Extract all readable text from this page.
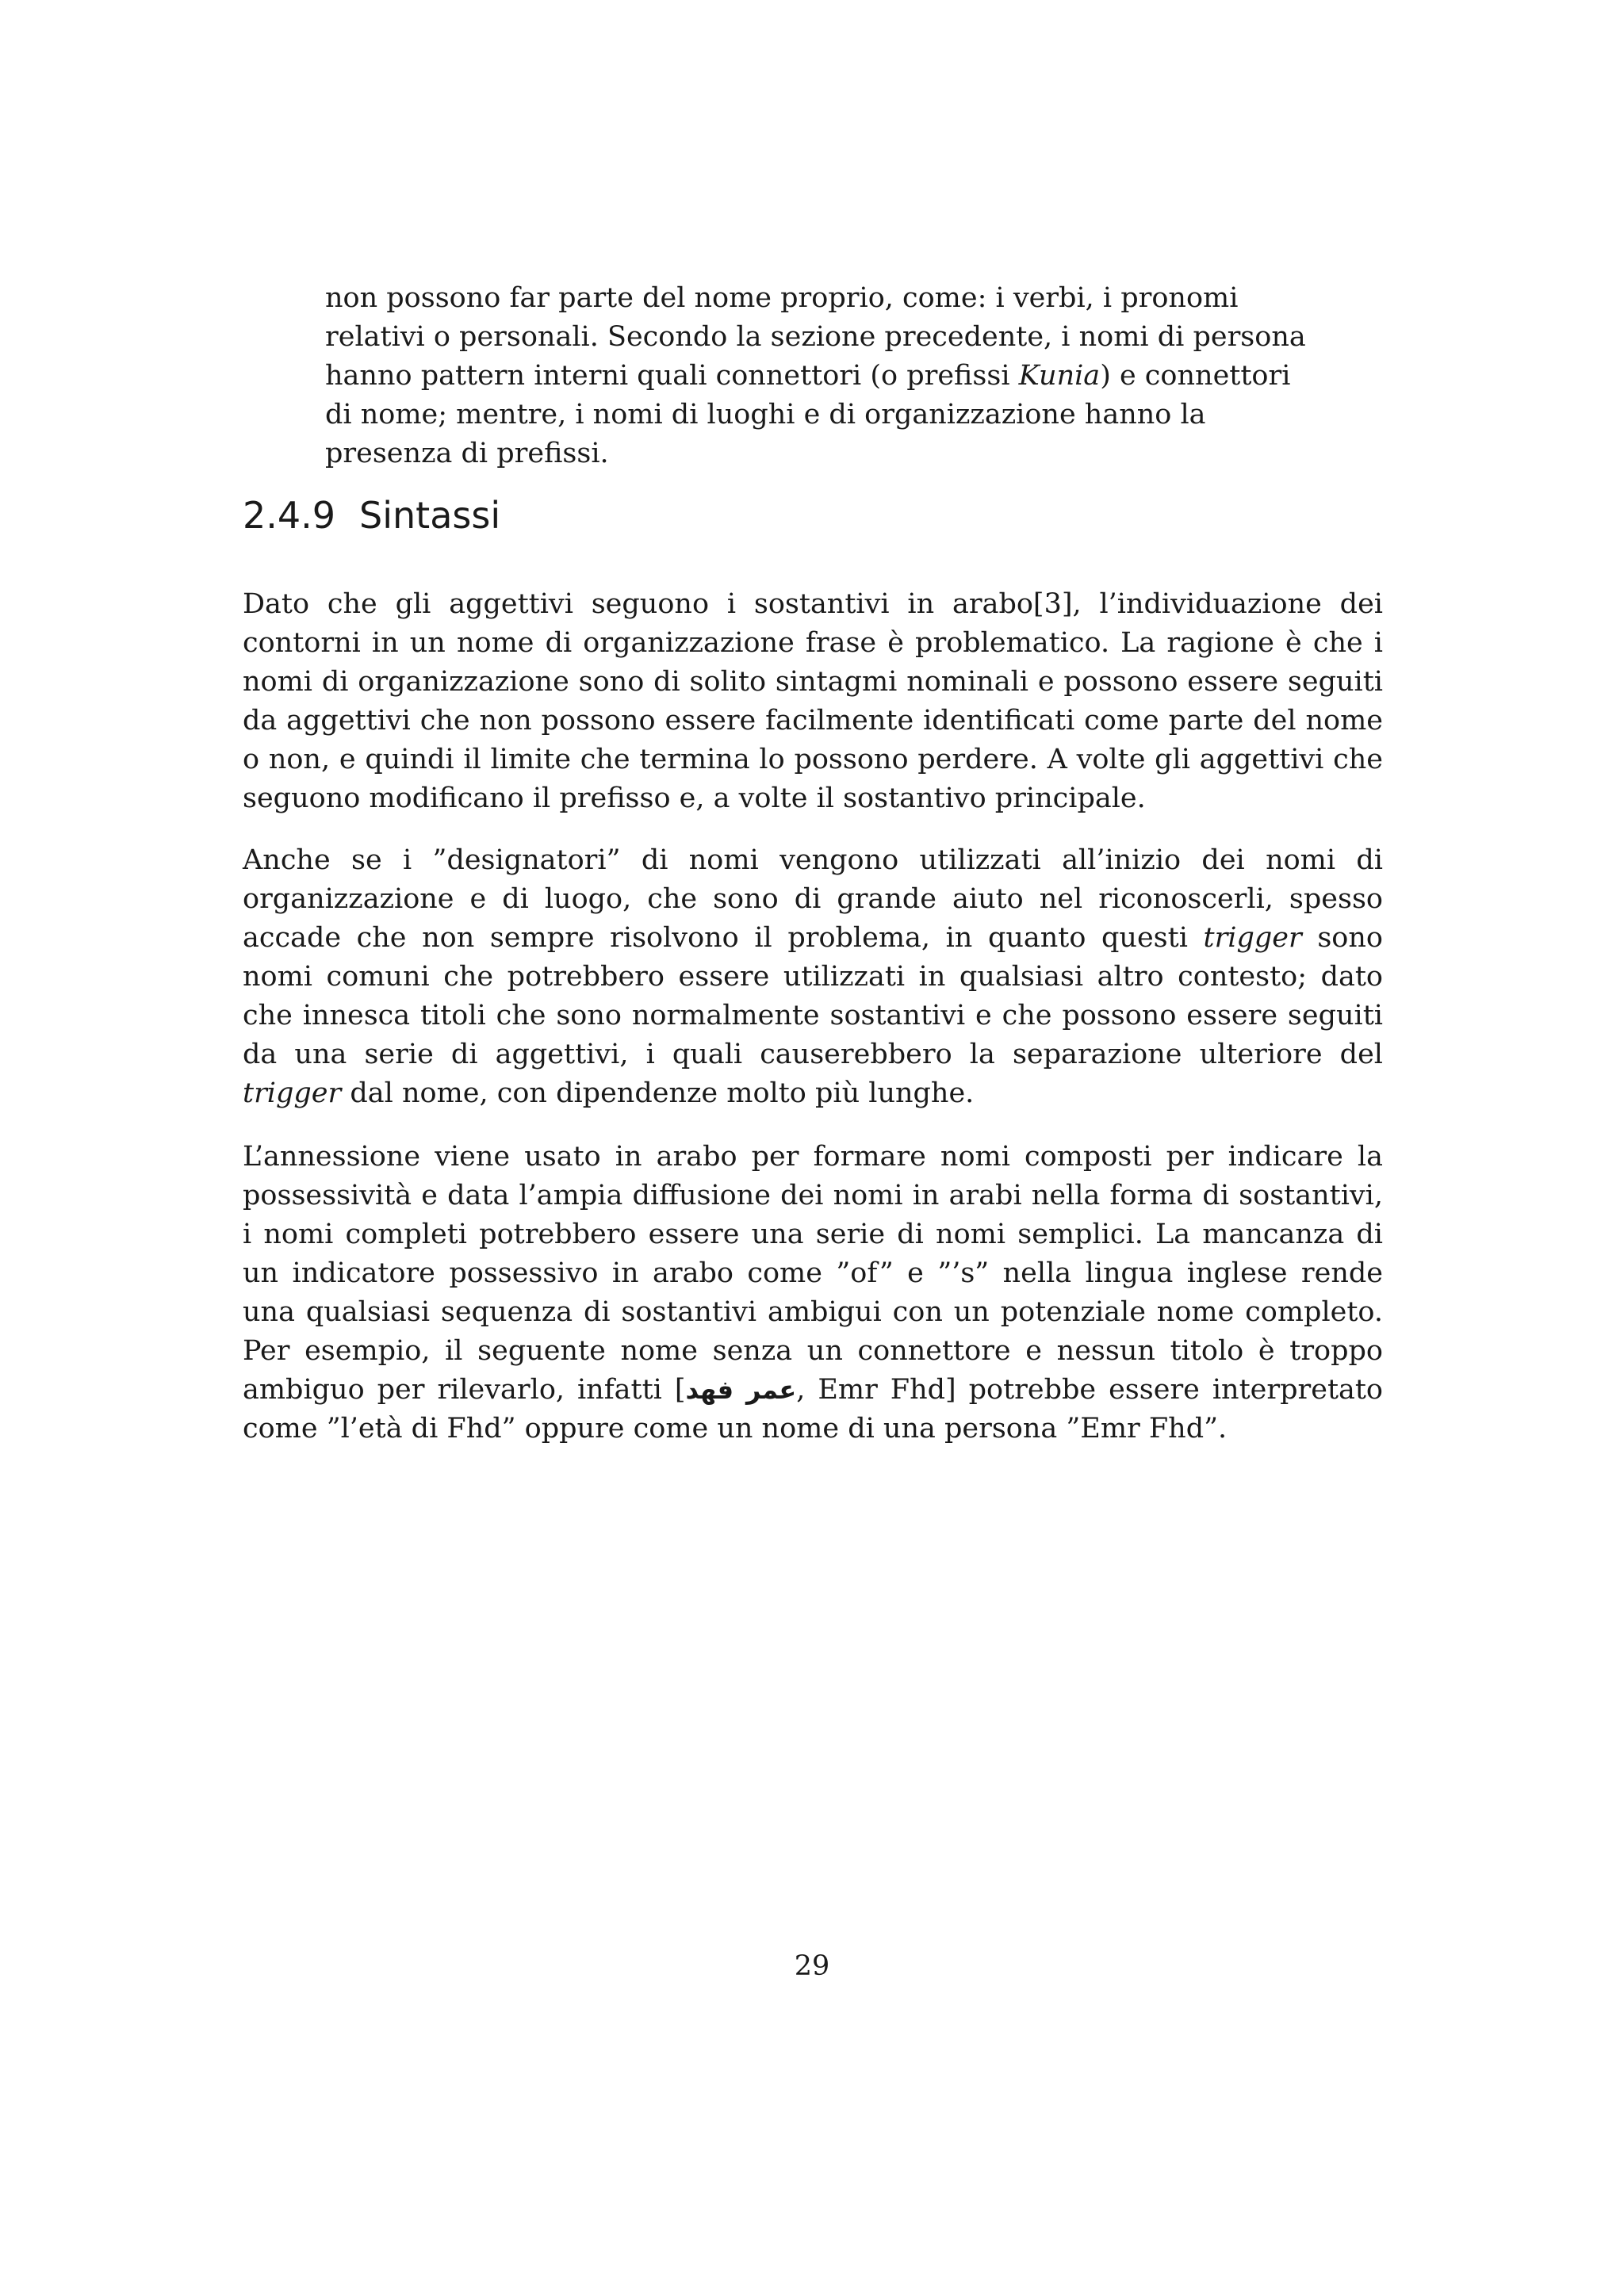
non possono far parte del nome proprio, come: i verbi, i pronomi relativi o personali. Secondo la sezione precedente, i nomi di persona hanno pattern interni quali connettori (o prefissi Kunia) e connettori di nome; mentre, i nomi di luoghi e di organizzazione hanno la presenza di prefissi.

2.4.9 Sintassi

Dato che gli aggettivi seguono i sostantivi in arabo[3], l’individuazione dei contorni in un nome di organizzazione frase è problematico. La ragione è che i nomi di organizzazione sono di solito sintagmi nominali e possono essere seguiti da aggettivi che non possono essere facilmente identificati come parte del nome o non, e quindi il limite che termina lo possono perdere. A volte gli aggettivi che seguono modificano il prefisso e, a volte il sostantivo principale.

Anche se i ”designatori” di nomi vengono utilizzati all’inizio dei nomi di organizzazione e di luogo, che sono di grande aiuto nel riconoscerli, spesso accade che non sempre risolvono il problema, in quanto questi trigger sono nomi comuni che potrebbero essere utilizzati in qualsiasi altro contesto; dato che innesca titoli che sono normalmente sostantivi e che possono essere seguiti da una serie di aggettivi, i quali causerebbero la separazione ulteriore del trigger dal nome, con dipendenze molto più lunghe.

L’annessione viene usato in arabo per formare nomi composti per indicare la possessività e data l’ampia diffusione dei nomi in arabi nella forma di sostantivi, i nomi completi potrebbero essere una serie di nomi semplici. La mancanza di un indicatore possessivo in arabo come ”of” e ”’s” nella lingua inglese rende una qualsiasi sequenza di sostantivi ambigui con un potenziale nome completo. Per esempio, il seguente nome senza un connettore e nessun titolo è troppo ambiguo per rilevarlo, infatti [عمر فهد, Emr Fhd] potrebbe essere interpretato come ”l’età di Fhd” oppure come un nome di una persona ”Emr Fhd”.

29
